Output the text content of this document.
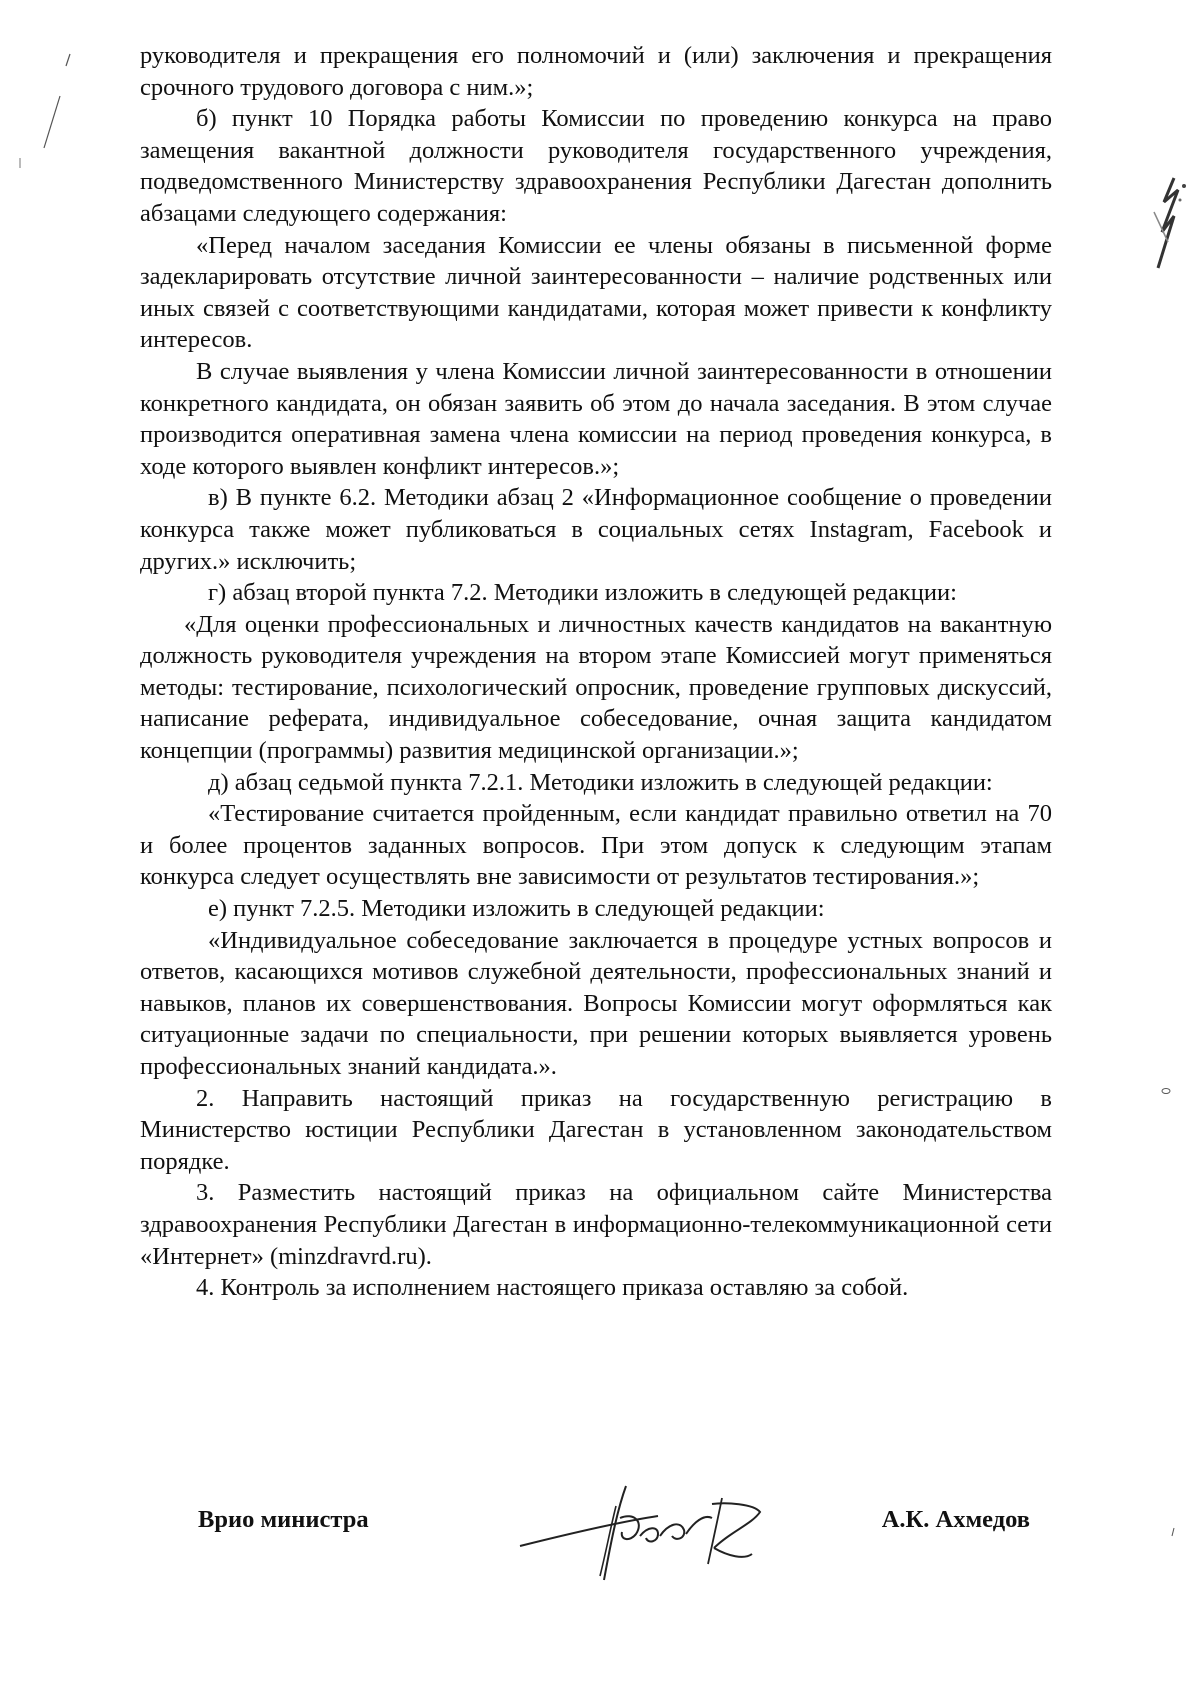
руководителя и прекращения его полномочий и (или) заключения и прекращения срочного трудового договора с ним.»;

б) пункт 10 Порядка работы Комиссии по проведению конкурса на право замещения вакантной должности руководителя государственного учреждения, подведомственного Министерству здравоохранения Республики Дагестан дополнить абзацами следующего содержания:

«Перед началом заседания Комиссии ее члены обязаны в письменной форме задекларировать отсутствие личной заинтересованности – наличие родственных или иных связей с соответствующими кандидатами, которая может привести к конфликту интересов.

В случае выявления у члена Комиссии личной заинтересованности в отношении конкретного кандидата, он обязан заявить об этом до начала заседания. В этом случае производится оперативная замена члена комиссии на период проведения конкурса, в ходе которого выявлен конфликт интересов.»;

в) В пункте 6.2. Методики абзац 2 «Информационное сообщение о проведении конкурса также может публиковаться в социальных сетях Instagram, Facebook и других.» исключить;

г) абзац второй пункта 7.2. Методики изложить в следующей редакции:

«Для оценки профессиональных и личностных качеств кандидатов на вакантную должность руководителя учреждения на втором этапе Комиссией могут применяться методы: тестирование, психологический опросник, проведение групповых дискуссий, написание реферата, индивидуальное собеседование, очная защита кандидатом концепции (программы) развития медицинской организации.»;

д) абзац седьмой пункта 7.2.1. Методики изложить в следующей редакции:

«Тестирование считается пройденным, если кандидат правильно ответил на 70 и более процентов заданных вопросов. При этом допуск к следующим этапам конкурса следует осуществлять вне зависимости от результатов тестирования.»;

е) пункт 7.2.5. Методики изложить в следующей редакции:

«Индивидуальное собеседование заключается в процедуре устных вопросов и ответов, касающихся мотивов служебной деятельности, профессиональных знаний и навыков, планов их совершенствования. Вопросы Комиссии могут оформляться как ситуационные задачи по специальности, при решении которых выявляется уровень профессиональных знаний кандидата.».

2. Направить настоящий приказ на государственную регистрацию в Министерство юстиции Республики Дагестан в установленном законодательством порядке.

3. Разместить настоящий приказ на официальном сайте Министерства здравоохранения Республики Дагестан в информационно-телекоммуникационной сети «Интернет» (minzdravrd.ru).

4. Контроль за исполнением настоящего приказа оставляю за собой.

Врио министра	А.К. Ахмедов
